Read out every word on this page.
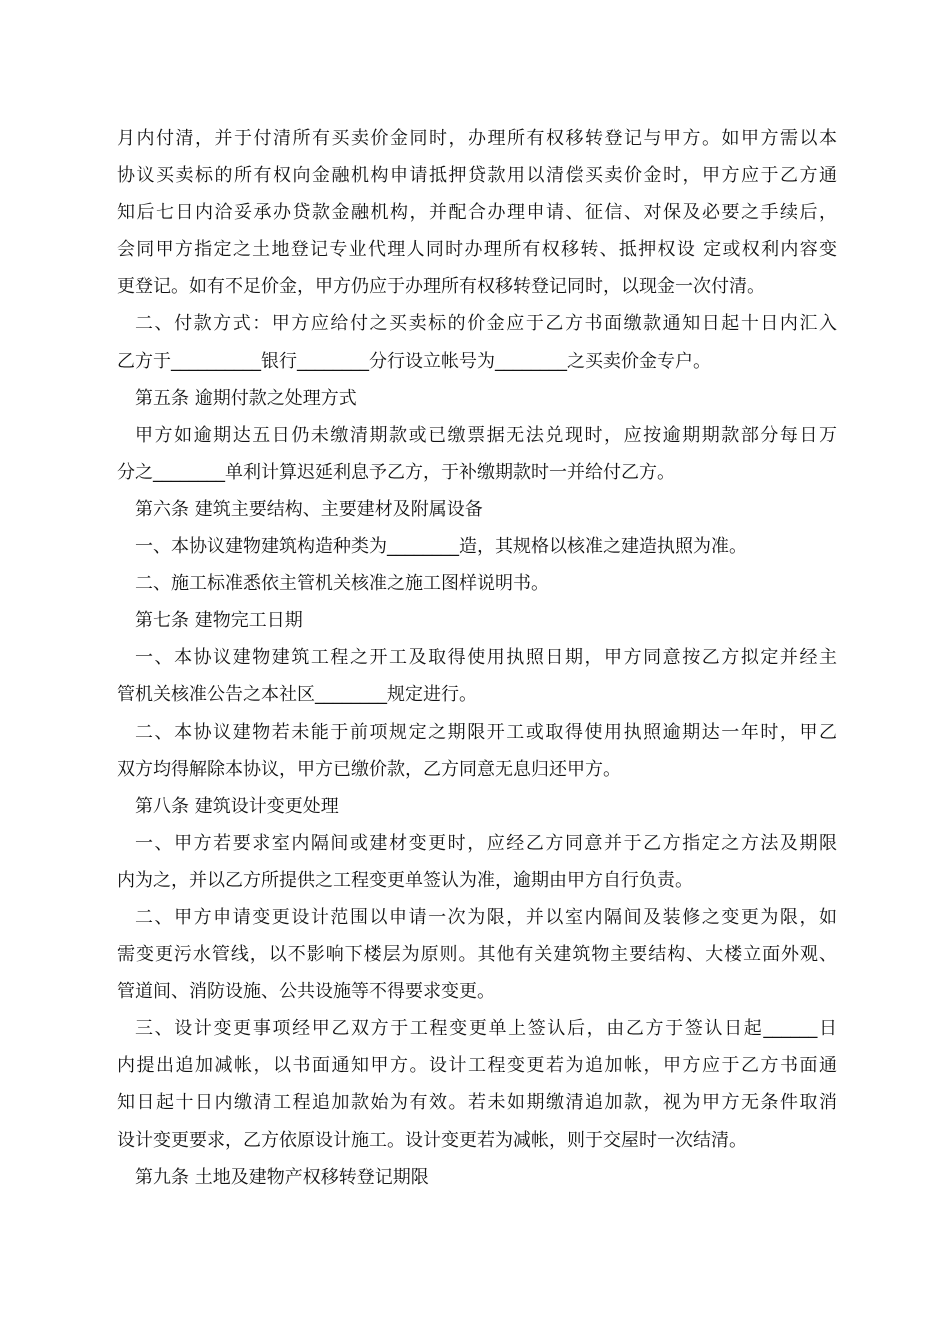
月内付清，并于付清所有买卖价金同时，办理所有权移转登记与甲方。如甲方需以本
协议买卖标的所有权向金融机构申请抵押贷款用以清偿买卖价金时，甲方应于乙方通
知后七日内洽妥承办贷款金融机构，并配合办理申请、征信、对保及必要之手续后，
会同甲方指定之土地登记专业代理人同时办理所有权移转、抵押权设 定或权利内容变
更登记。如有不足价金，甲方仍应于办理所有权移转登记同时，以现金一次付清。
二、付款方式：甲方应给付之买卖标的价金应于乙方书面缴款通知日起十日内汇入
乙方于__________银行________分行设立帐号为________之买卖价金专户。
第五条 逾期付款之处理方式
甲方如逾期达五日仍未缴清期款或已缴票据无法兑现时，应按逾期期款部分每日万
分之________单利计算迟延利息予乙方，于补缴期款时一并给付乙方。
第六条 建筑主要结构、主要建材及附属设备
一、本协议建物建筑构造种类为________造，其规格以核准之建造执照为准。
二、施工标准悉依主管机关核准之施工图样说明书。
第七条 建物完工日期
一、本协议建物建筑工程之开工及取得使用执照日期，甲方同意按乙方拟定并经主
管机关核准公告之本社区________规定进行。
二、本协议建物若未能于前项规定之期限开工或取得使用执照逾期达一年时，甲乙
双方均得解除本协议，甲方已缴价款，乙方同意无息归还甲方。
第八条 建筑设计变更处理
一、甲方若要求室内隔间或建材变更时，应经乙方同意并于乙方指定之方法及期限
内为之，并以乙方所提供之工程变更单签认为准，逾期由甲方自行负责。
二、甲方申请变更设计范围以申请一次为限，并以室内隔间及装修之变更为限，如
需变更污水管线，以不影响下楼层为原则。其他有关建筑物主要结构、大楼立面外观、
管道间、消防设施、公共设施等不得要求变更。
三、设计变更事项经甲乙双方于工程变更单上签认后，由乙方于签认日起______日
内提出追加减帐，以书面通知甲方。设计工程变更若为追加帐，甲方应于乙方书面通
知日起十日内缴清工程追加款始为有效。若未如期缴清追加款，视为甲方无条件取消
设计变更要求，乙方依原设计施工。设计变更若为减帐，则于交屋时一次结清。
第九条 土地及建物产权移转登记期限
